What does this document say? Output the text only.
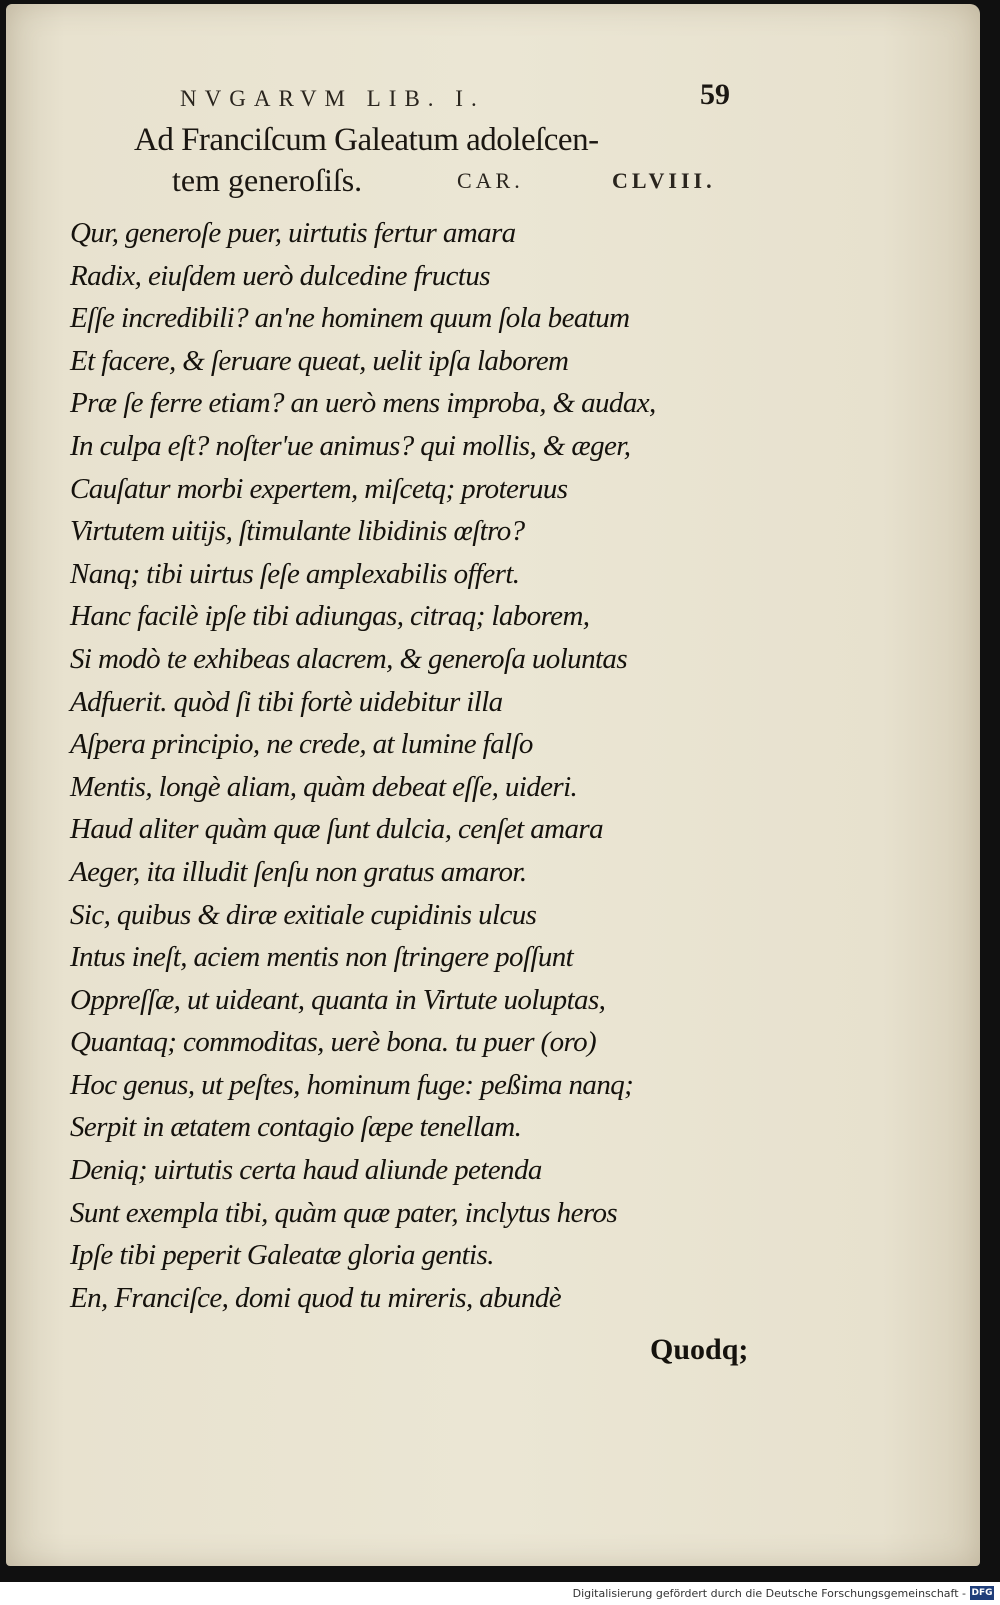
NVGARVM LIB. I.	59
Ad Franciſcum Galeatum adoleſcen-
tem generoſiſs.	CAR.	CLVIII.
Qur, generoſe puer, uirtutis fertur amara
Radix, eiuſdem uerò dulcedine fructus
Eſſe incredibili? an'ne hominem quum ſola beatum
Et facere, & ſeruare queat, uelit ipſa laborem
Præ ſe ferre etiam? an uerò mens improba, & audax,
In culpa eſt? noſter'ue animus? qui mollis, & æger,
Cauſatur morbi expertem, miſcetq; proteruus
Virtutem uitijs, ſtimulante libidinis œſtro?
Nanq; tibi uirtus ſeſe amplexabilis offert.
Hanc facilè ipſe tibi adiungas, citraq; laborem,
Si modò te exhibeas alacrem, & generoſa uoluntas
Adfuerit. quòd ſi tibi fortè uidebitur illa
Aſpera principio, ne crede, at lumine falſo
Mentis, longè aliam, quàm debeat eſſe, uideri.
Haud aliter quàm quæ ſunt dulcia, cenſet amara
Aeger, ita illudit ſenſu non gratus amaror.
Sic, quibus & diræ exitiale cupidinis ulcus
Intus ineſt, aciem mentis non ſtringere poſſunt
Oppreſſæ, ut uideant, quanta in Virtute uoluptas,
Quantaq; commoditas, uerè bona. tu puer (oro)
Hoc genus, ut peſtes, hominum fuge: peßima nanq;
Serpit in ætatem contagio ſæpe tenellam.
Deniq; uirtutis certa haud aliunde petenda
Sunt exempla tibi, quàm quæ pater, inclytus heros
Ipſe tibi peperit Galeatæ gloria gentis.
En, Franciſce, domi quod tu mireris, abundè
Quodq;
Digitalisierung gefördert durch die Deutsche Forschungsgemeinschaft - DFG
